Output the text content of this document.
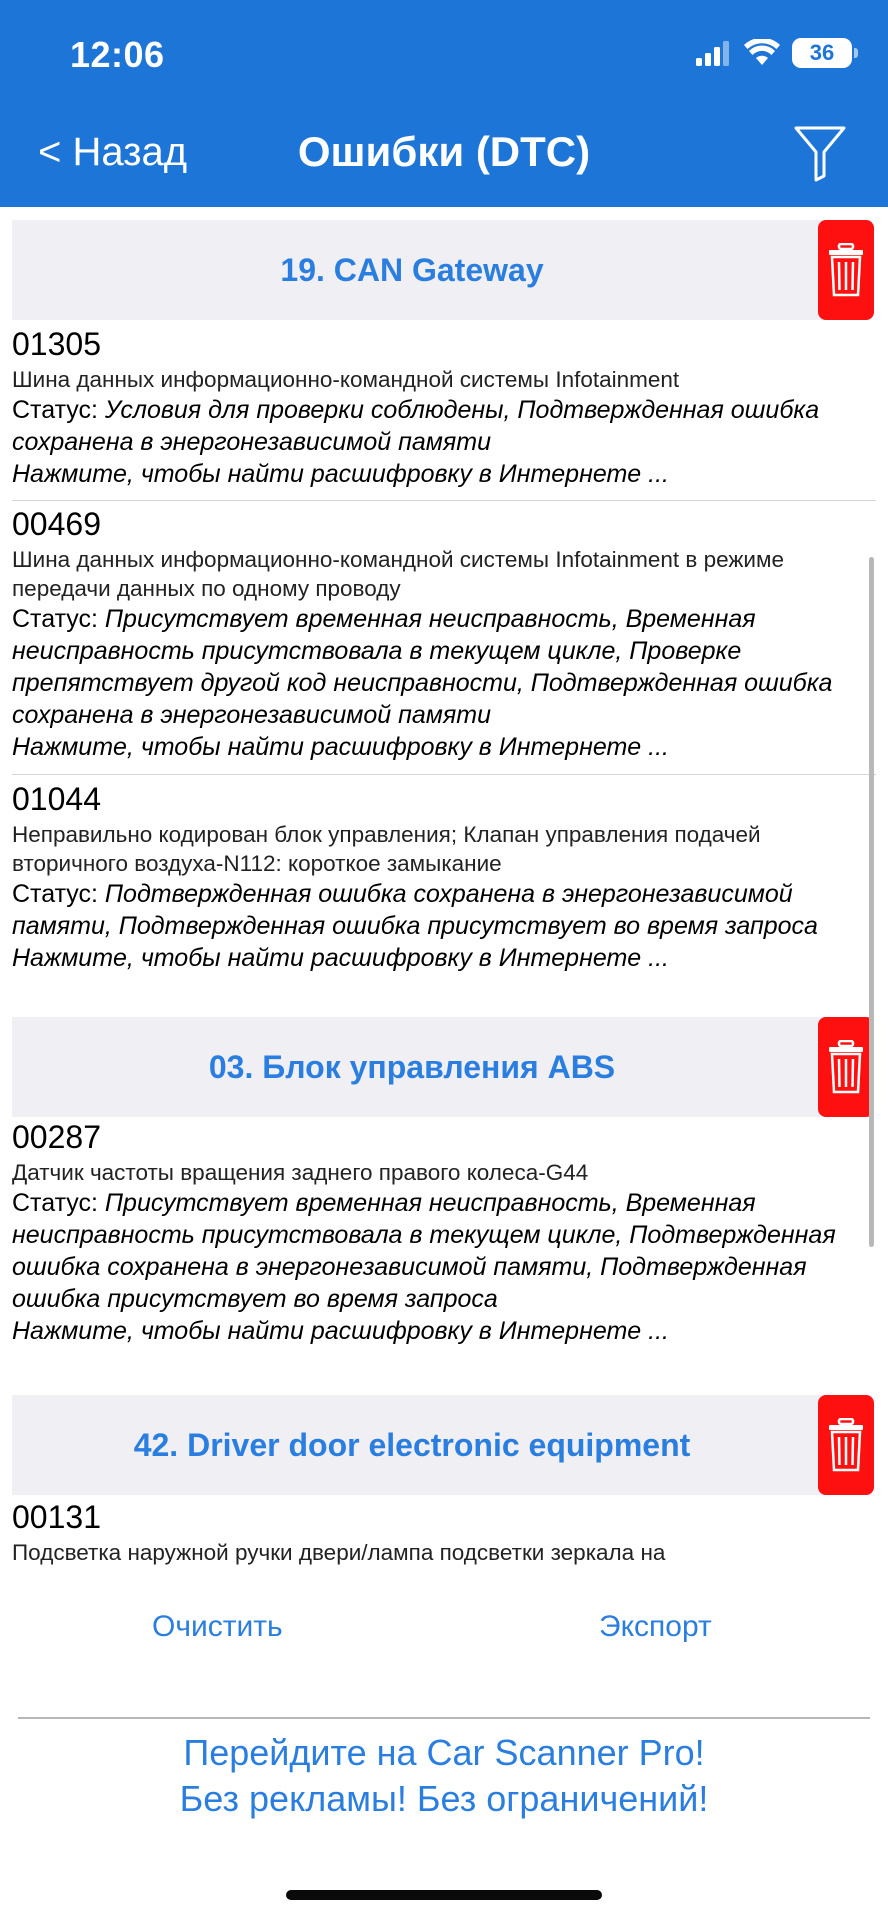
12:06	36
< Назад	Ошибки (DTC)
19. CAN Gateway
01305
Шина данных информационно-командной системы Infotainment
Статус: Условия для проверки соблюдены, Подтвержденная ошибка сохранена в энергонезависимой памяти
Нажмите, чтобы найти расшифровку в Интернете ...
00469
Шина данных информационно-командной системы Infotainment в режиме передачи данных по одному проводу
Статус: Присутствует временная неисправность, Временная неисправность присутствовала в текущем цикле, Проверке препятствует другой код неисправности, Подтвержденная ошибка сохранена в энергонезависимой памяти
Нажмите, чтобы найти расшифровку в Интернете ...
01044
Неправильно кодирован блок управления; Клапан управления подачей вторичного воздуха-N112: короткое замыкание
Статус: Подтвержденная ошибка сохранена в энергонезависимой памяти, Подтвержденная ошибка присутствует во время запроса
Нажмите, чтобы найти расшифровку в Интернете ...
03. Блок управления ABS
00287
Датчик частоты вращения заднего правого колеса-G44
Статус: Присутствует временная неисправность, Временная неисправность присутствовала в текущем цикле, Подтвержденная ошибка сохранена в энергонезависимой памяти, Подтвержденная ошибка присутствует во время запроса
Нажмите, чтобы найти расшифровку в Интернете ...
42. Driver door electronic equipment
00131
Подсветка наружной ручки двери/лампа подсветки зеркала на
Очистить	Экспорт
Перейдите на Car Scanner Pro!
Без рекламы! Без ограничений!
